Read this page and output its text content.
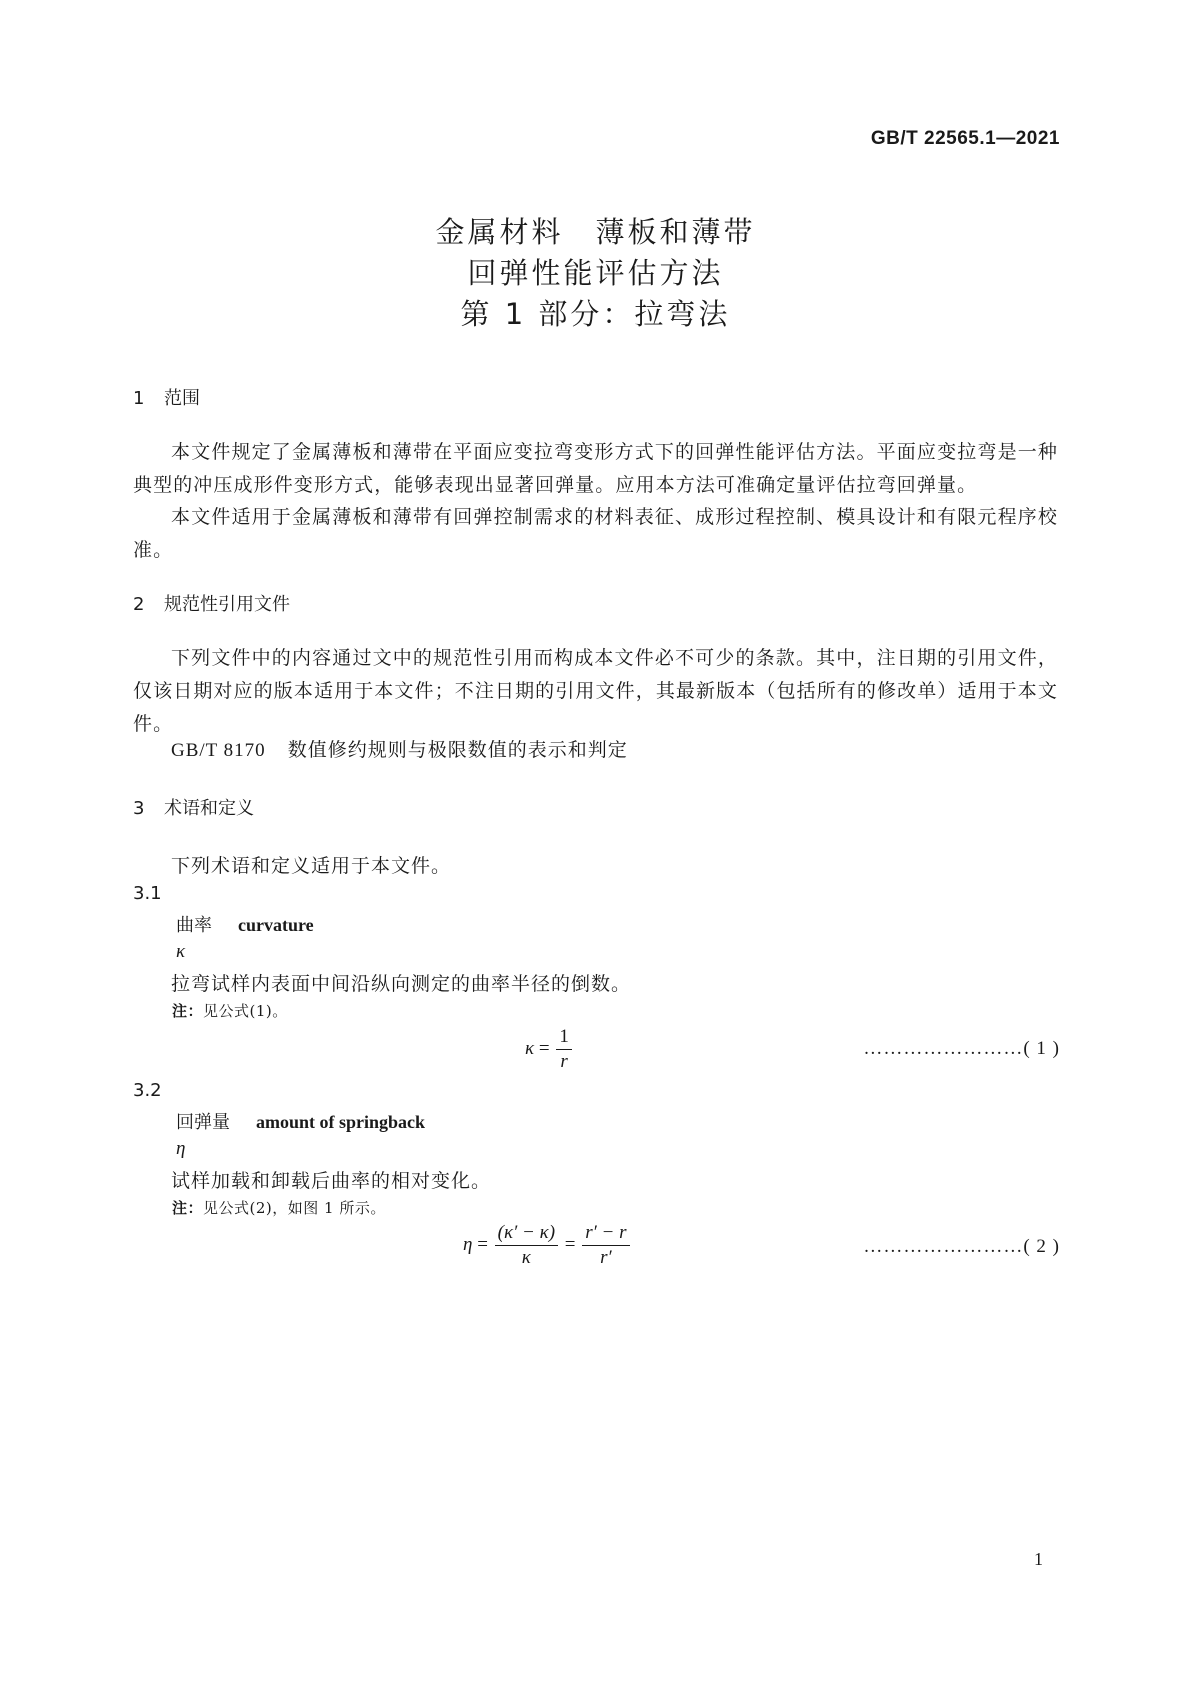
GB/T 22565.1—2021
金属材料　薄板和薄带
回弹性能评估方法
第 1 部分：拉弯法
1 范围
本文件规定了金属薄板和薄带在平面应变拉弯变形方式下的回弹性能评估方法。平面应变拉弯是一种典型的冲压成形件变形方式，能够表现出显著回弹量。应用本方法可准确定量评估拉弯回弹量。
本文件适用于金属薄板和薄带有回弹控制需求的材料表征、成形过程控制、模具设计和有限元程序校准。
2 规范性引用文件
下列文件中的内容通过文中的规范性引用而构成本文件必不可少的条款。其中，注日期的引用文件，仅该日期对应的版本适用于本文件；不注日期的引用文件，其最新版本（包括所有的修改单）适用于本文件。
GB/T 8170 数值修约规则与极限数值的表示和判定
3 术语和定义
下列术语和定义适用于本文件。
3.1
曲率 curvature
κ
拉弯试样内表面中间沿纵向测定的曲率半径的倒数。
注：见公式(1)。
$\kappa = \frac{1}{r}$	……………………( 1 )
3.2
回弹量 amount of springback
η
试样加载和卸载后曲率的相对变化。
注：见公式(2)，如图 1 所示。
$\eta = \frac{(\kappa' - \kappa)}{\kappa} = \frac{r' - r}{r'}$	……………………( 2 )
1
